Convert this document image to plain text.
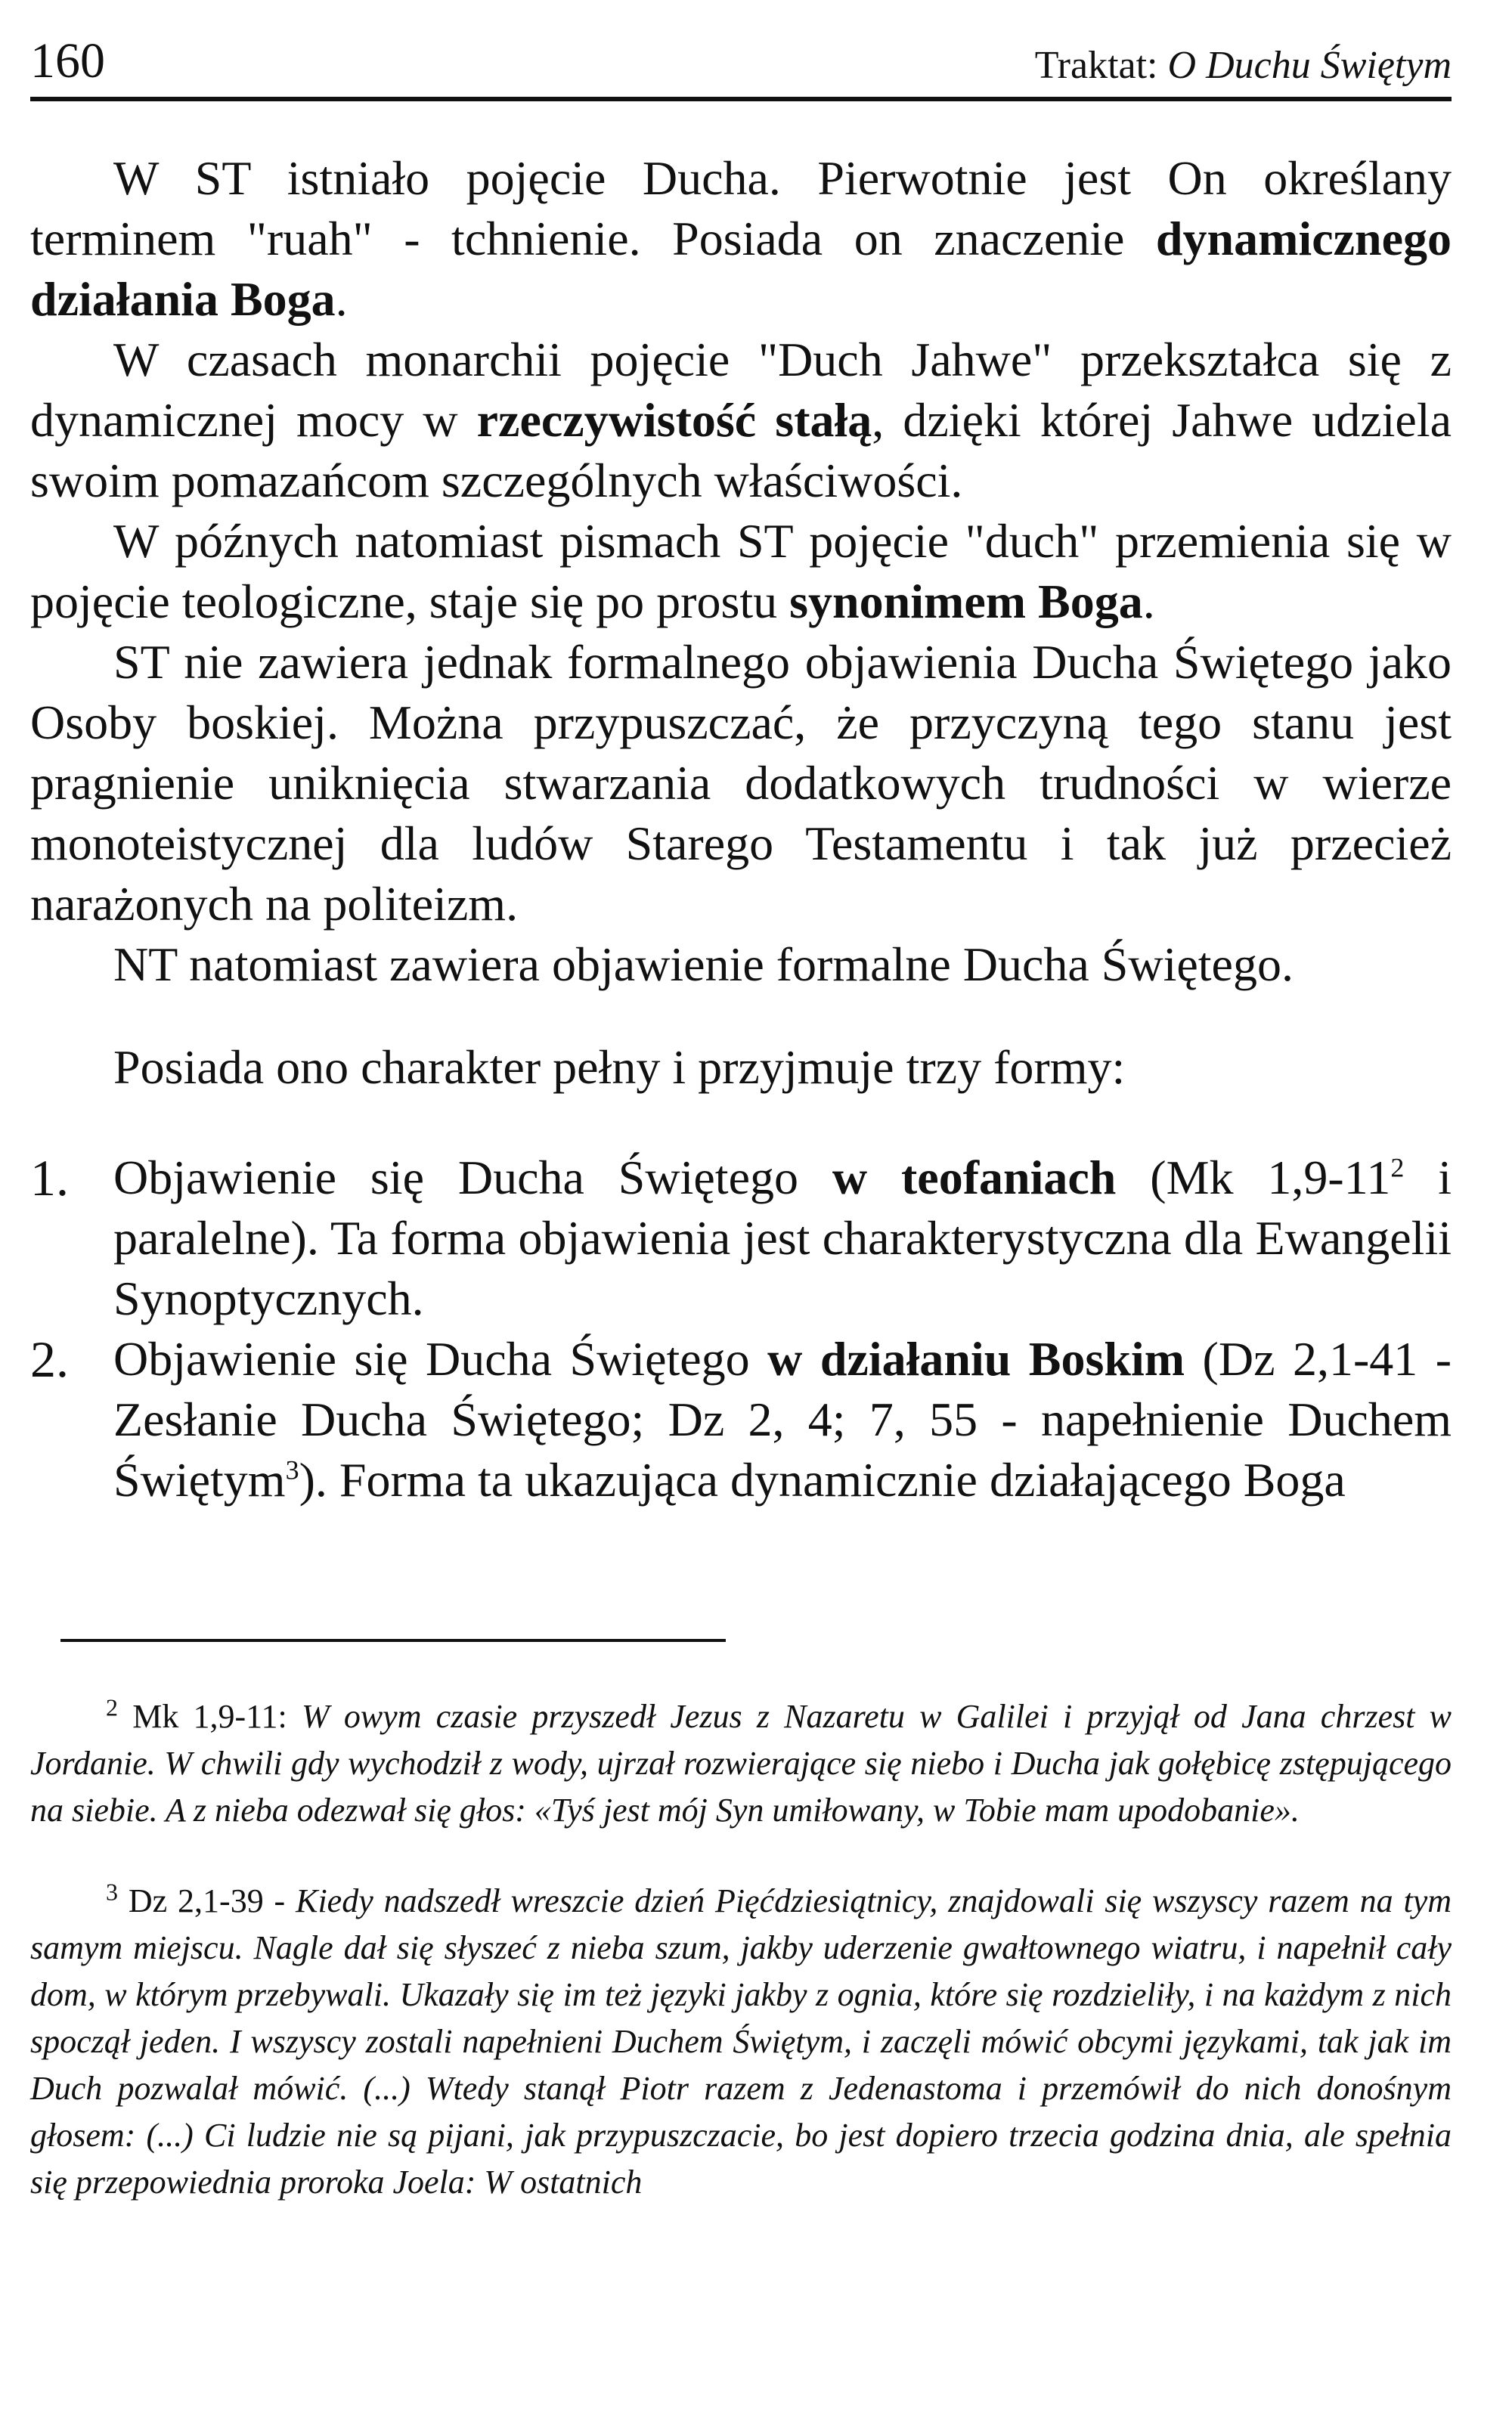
160	Traktat: O Duchu Świętym

W ST istniało pojęcie Ducha. Pierwotnie jest On określany terminem "ruah" - tchnienie. Posiada on znaczenie dynamicznego działania Boga.

W czasach monarchii pojęcie "Duch Jahwe" przekształca się z dynamicznej mocy w rzeczywistość stałą, dzięki której Jahwe udziela swoim pomazańcom szczególnych właściwości.

W późnych natomiast pismach ST pojęcie "duch" przemienia się w pojęcie teologiczne, staje się po prostu synonimem Boga.

ST nie zawiera jednak formalnego objawienia Ducha Świętego jako Osoby boskiej. Można przypuszczać, że przyczyną tego stanu jest pragnienie uniknięcia stwarzania dodatkowych trudności w wierze monoteistycznej dla ludów Starego Testamentu i tak już przecież narażonych na politeizm.

NT natomiast zawiera objawienie formalne Ducha Świętego.

Posiada ono charakter pełny i przyjmuje trzy formy:

1. Objawienie się Ducha Świętego w teofaniach (Mk $1,9-11^2$ i paralelne). Ta forma objawienia jest charakterystyczna dla Ewangelii Synoptycznych.
2. Objawienie się Ducha Świętego w działaniu Boskim (Dz 2,1-41 - Zesłanie Ducha Świętego; Dz 2, 4; 7, 55 - napełnienie Duchem Świętym$^3$). Forma ta ukazująca dynamicznie działającego Boga

$^2$ Mk 1,9-11: W owym czasie przyszedł Jezus z Nazaretu w Galilei i przyjął od Jana chrzest w Jordanie. W chwili gdy wychodził z wody, ujrzał rozwierające się niebo i Ducha jak gołębicę zstępującego na siebie. A z nieba odezwał się głos: «Tyś jest mój Syn umiłowany, w Tobie mam upodobanie».

$^3$ Dz 2,1-39 - Kiedy nadszedł wreszcie dzień Pięćdziesiątnicy, znajdowali się wszyscy razem na tym samym miejscu. Nagle dał się słyszeć z nieba szum, jakby uderzenie gwałtownego wiatru, i napełnił cały dom, w którym przebywali. Ukazały się im też języki jakby z ognia, które się rozdzieliły, i na każdym z nich spoczął jeden. I wszyscy zostali napełnieni Duchem Świętym, i zaczęli mówić obcymi językami, tak jak im Duch pozwalał mówić. (...) Wtedy stanął Piotr razem z Jedenastoma i przemówił do nich donośnym głosem: (...) Ci ludzie nie są pijani, jak przypuszczacie, bo jest dopiero trzecia godzina dnia, ale spełnia się przepowiednia proroka Joela: W ostatnich
